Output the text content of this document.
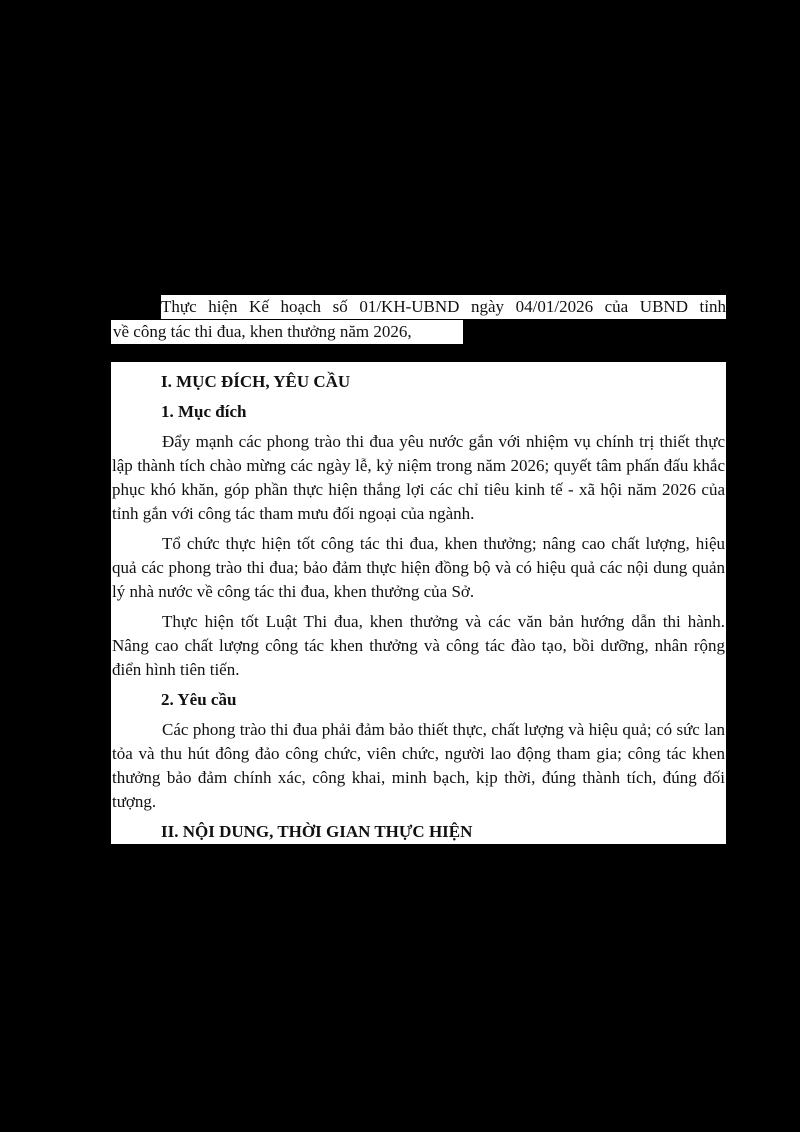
Thực hiện Kế hoạch số 01/KH-UBND ngày 04/01/2026 của UBND tỉnh
về công tác thi đua, khen thưởng năm 2026,
I. MỤC ĐÍCH, YÊU CẦU
1. Mục đích

Đẩy mạnh các phong trào thi đua yêu nước gắn với nhiệm vụ chính trị thiết thực lập thành tích chào mừng các ngày lễ, kỷ niệm trong năm 2026; quyết tâm phấn đấu khắc phục khó khăn, góp phần thực hiện thắng lợi các chỉ tiêu kinh tế - xã hội năm 2026 của tỉnh gắn với công tác tham mưu đối ngoại của ngành.

Tổ chức thực hiện tốt công tác thi đua, khen thưởng; nâng cao chất lượng, hiệu quả các phong trào thi đua; bảo đảm thực hiện đồng bộ và có hiệu quả các nội dung quản lý nhà nước về công tác thi đua, khen thưởng của Sở.

Thực hiện tốt Luật Thi đua, khen thưởng và các văn bản hướng dẫn thi hành. Nâng cao chất lượng công tác khen thưởng và công tác đào tạo, bồi dưỡng, nhân rộng điển hình tiên tiến.

2. Yêu cầu

Các phong trào thi đua phải đảm bảo thiết thực, chất lượng và hiệu quả; có sức lan tỏa và thu hút đông đảo công chức, viên chức, người lao động tham gia; công tác khen thưởng bảo đảm chính xác, công khai, minh bạch, kịp thời, đúng thành tích, đúng đối tượng.

II. NỘI DUNG, THỜI GIAN THỰC HIỆN
